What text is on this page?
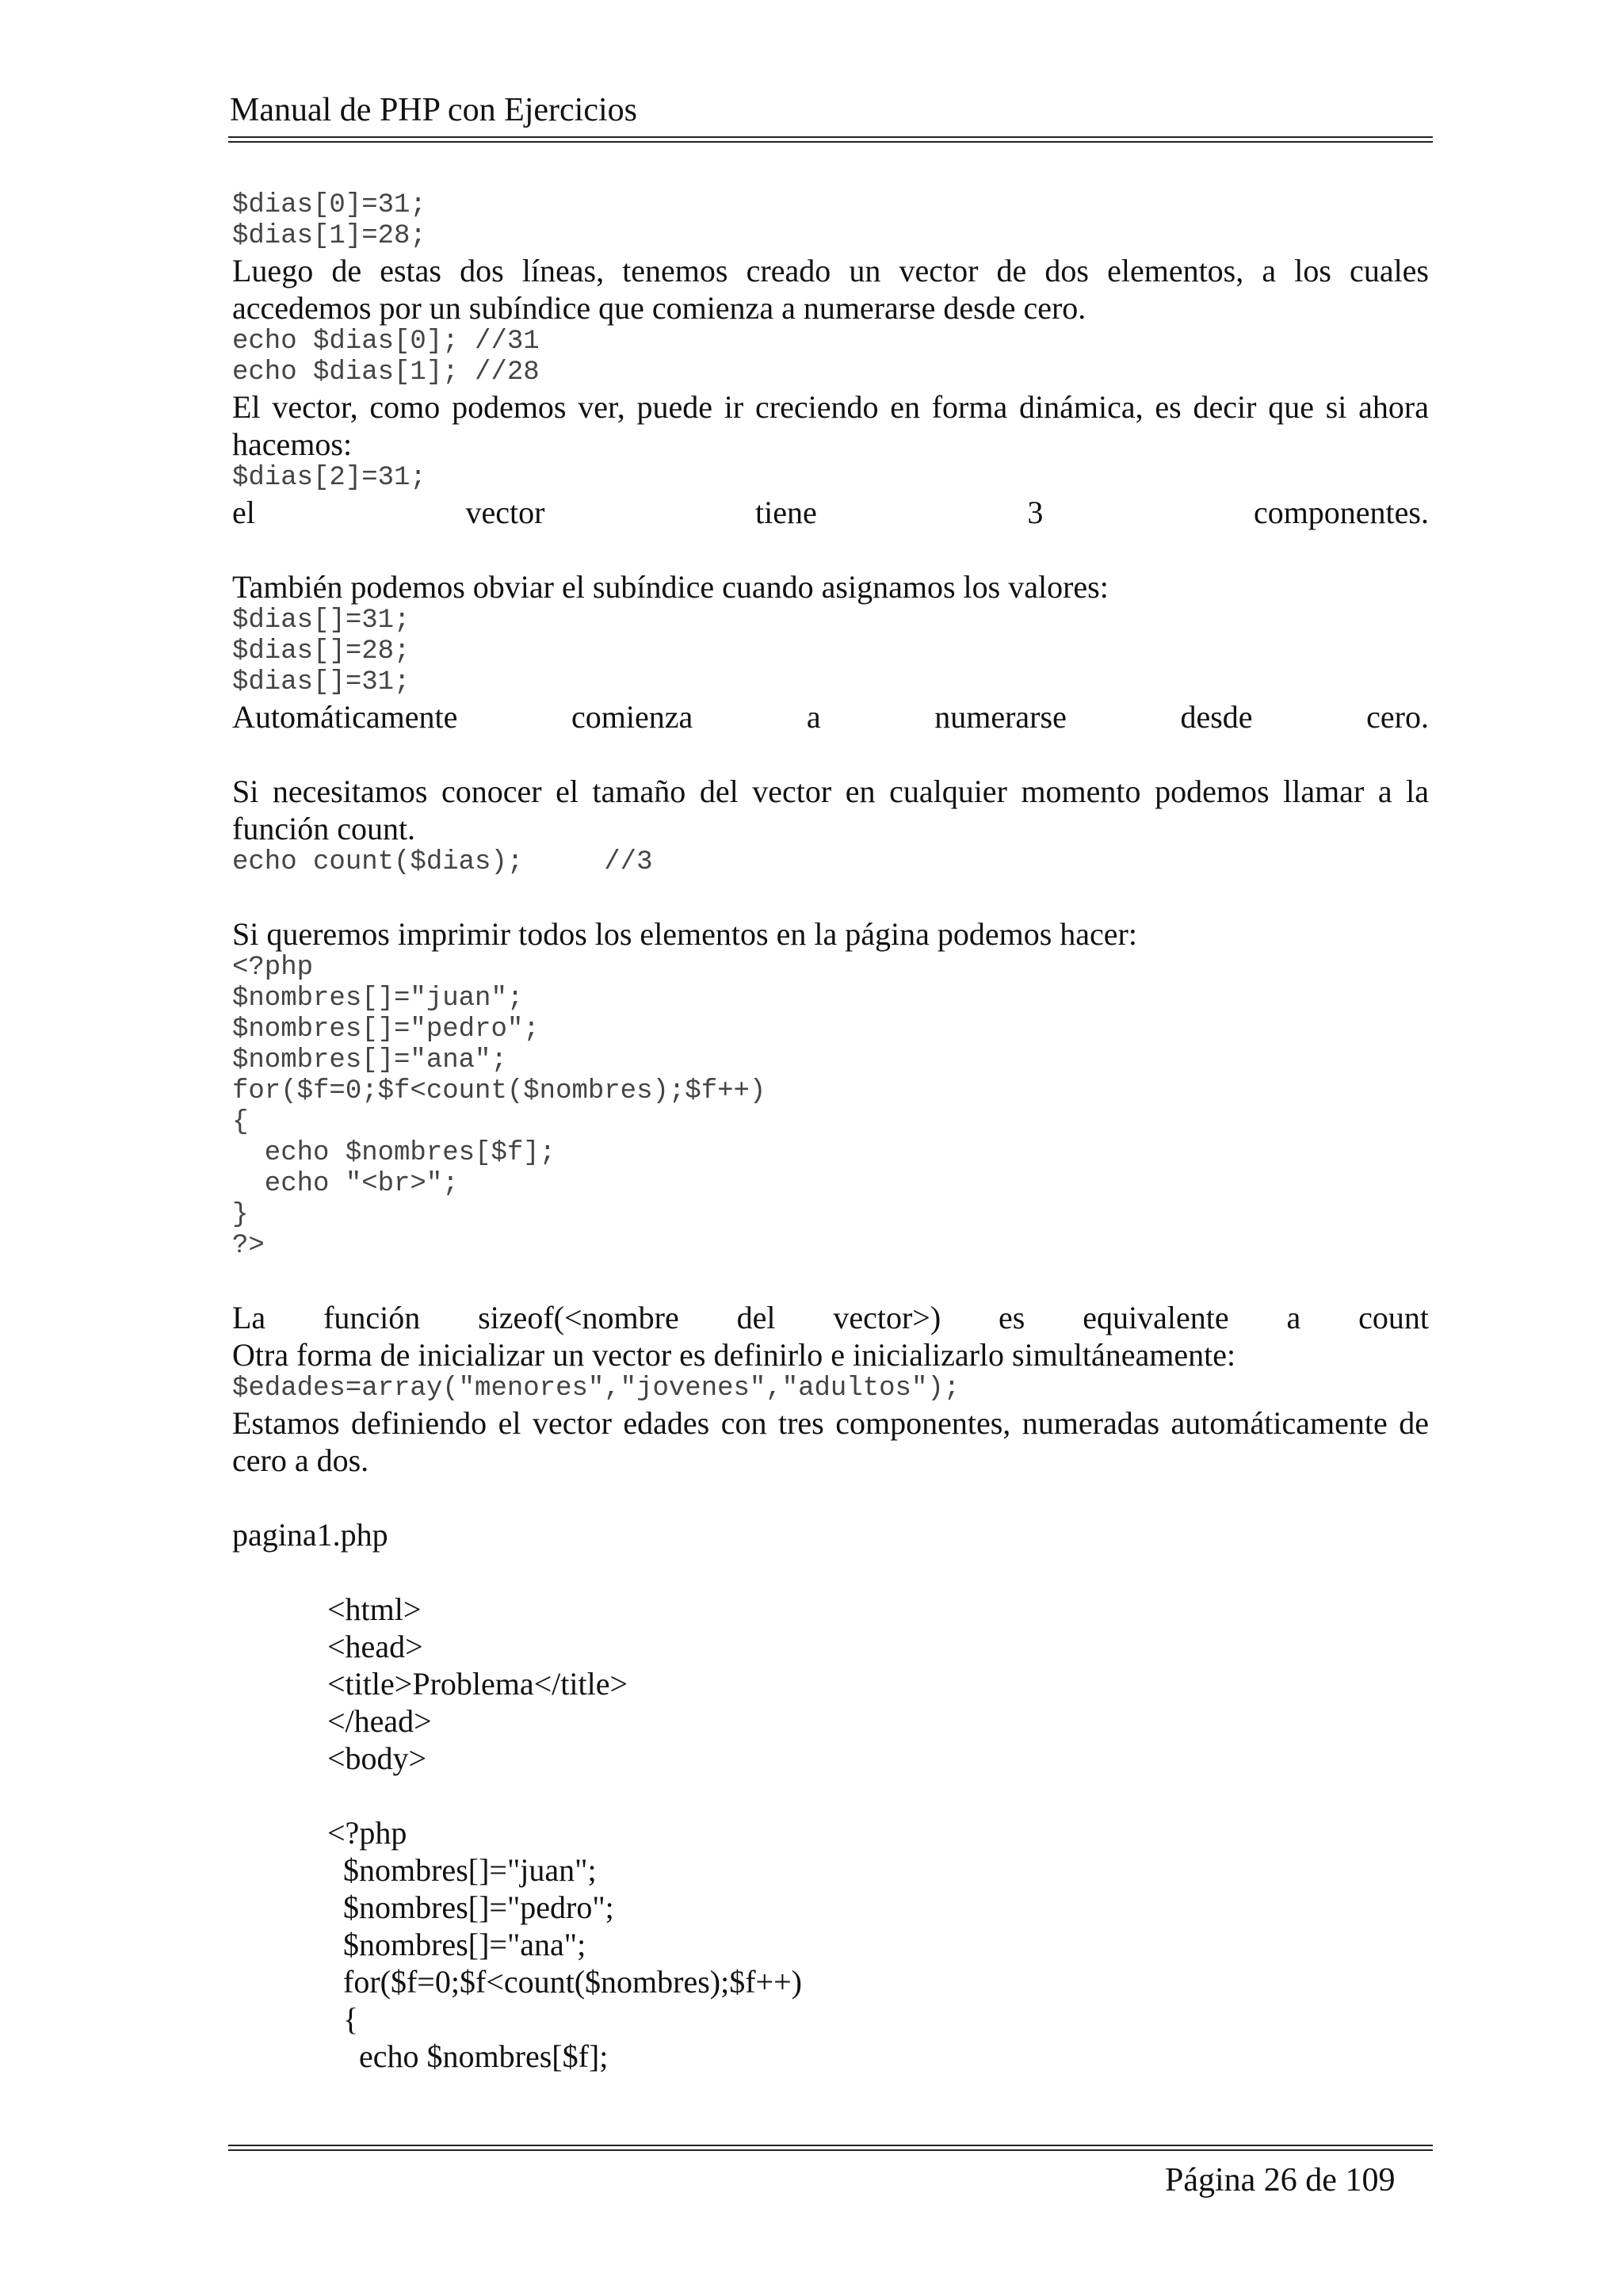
Manual de PHP con Ejercicios
$dias[0]=31;
$dias[1]=28;
Luego de estas dos líneas, tenemos creado un vector de dos elementos, a los cuales accedemos por un subíndice que comienza a numerarse desde cero.
echo $dias[0]; //31
echo $dias[1]; //28
El vector, como podemos ver, puede ir creciendo en forma dinámica, es decir que si ahora hacemos:
$dias[2]=31;
el	vector	tiene	3	componentes.
También podemos obviar el subíndice cuando asignamos los valores:
$dias[]=31;
$dias[]=28;
$dias[]=31;
Automáticamente	comienza	a	numerarse	desde	cero.
Si necesitamos conocer el tamaño del vector en cualquier momento podemos llamar a la función count.
echo count($dias);     //3
Si queremos imprimir todos los elementos en la página podemos hacer:
<?php
$nombres[]="juan";
$nombres[]="pedro";
$nombres[]="ana";
for($f=0;$f<count($nombres);$f++)
{
echo $nombres[$f];
echo "<br>";
}
?>
La función sizeof(<nombre del vector>) es equivalente a count
Otra forma de inicializar un vector es definirlo e inicializarlo simultáneamente:
$edades=array("menores","jovenes","adultos");
Estamos definiendo el vector edades con tres componentes, numeradas automáticamente de cero a dos.
pagina1.php
<html>
<head>
<title>Problema</title>
</head>
<body>
<?php
$nombres[]="juan";
$nombres[]="pedro";
$nombres[]="ana";
for($f=0;$f<count($nombres);$f++)
{
echo $nombres[$f];
Página 26 de 109
